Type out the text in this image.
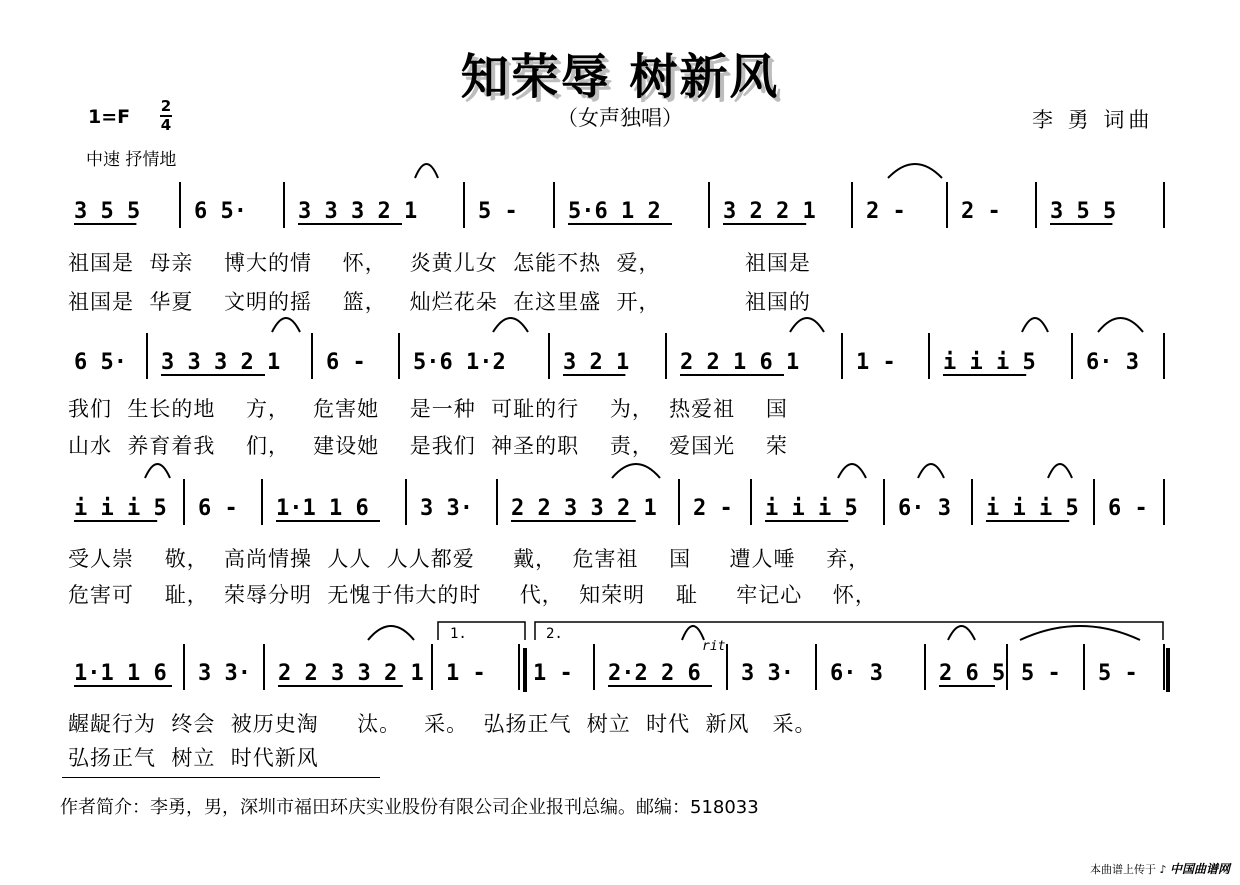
知荣辱 树新风
（女声独唱）
1=F 2
4
中速 抒情地
李 勇 词曲
3 5 5 6 5· 3 3 3 2 1	5 - 5·6 1 2	3 2 2 1 2 -	2 - 3 5 5
6 5· 3 3 3 2 1 6 - 5·6 1·2	3 2 1 2 2 1 6 1	1 - i i i 5 6· 3
i i i 5 6 - 1·1 1 6 3 3· 2 2 3 3 2 1 2 - i i i 5 6· 3 i i i 5 6 -
1·1 1 6 3 3· 2 2 3 3 2 1 1 - 1 - 2·2 2 6 3 3· 6· 3	2 6 5 5 - 5 -
1.	2.
rit
祖国是  母亲    博大的情    怀，   炎黄儿女  怎能不热  爱，           祖国是
祖国是  华夏    文明的摇    篮，   灿烂花朵  在这里盛  开，           祖国的
我们  生长的地    方，   危害她    是一种  可耻的行    为，  热爱祖    国
山水  养育着我    们，   建设她    是我们  神圣的职    责，  爱国光    荣
受人崇    敬，  高尚情操  人人  人人都爱     戴，  危害祖    国     遭人唾    弃，
危害可    耻，  荣辱分明  无愧于伟大的时     代，  知荣明    耻     牢记心    怀，
龌龊行为  终会  被历史淘     汰。   采。  弘扬正气  树立  时代  新风   采。
弘扬正气  树立  时代新风
作者简介：李勇，男，深圳市福田环庆实业股份有限公司企业报刊总编。邮编：518033
本曲谱上传于 ♪ 中国曲谱网
